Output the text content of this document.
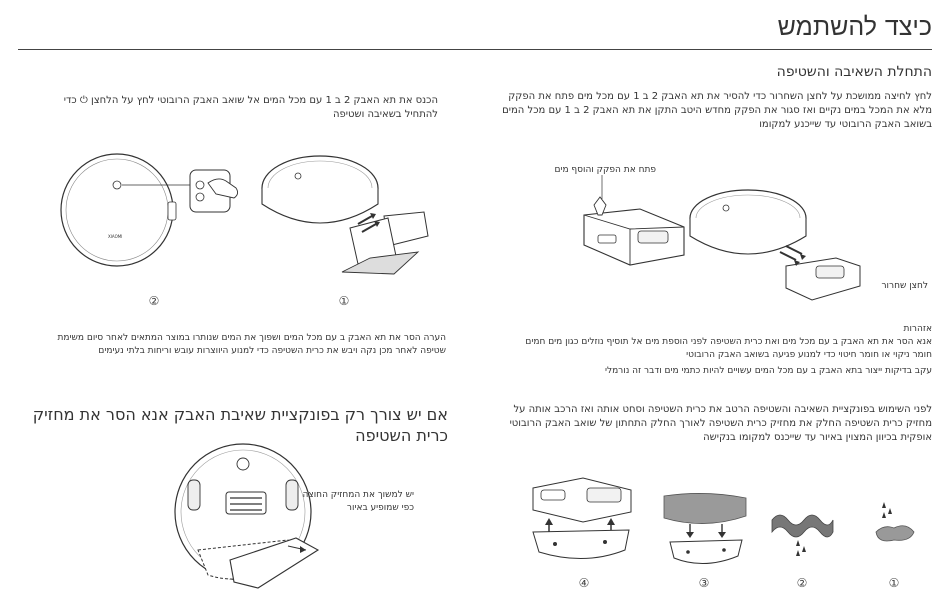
כיצד להשתמש
התחלת השאיבה והשטיפה
לחץ לחיצה ממושכת על לחצן השחרור כדי להסיר את תא האבק 2 ב 1 עם מכל מים פתח את הפקק מלא את המכל במים נקיים ואז סגור את הפקק מחדש היטב התקן את תא האבק 2 ב 1 עם מכל המים בשואב האבק הרובוטי עד שייכנע למקומו
הכנס את תא האבק 2 ב 1 עם מכל המים אל שואב האבק הרובוטי לחץ על הלחצן ⏻ כדי להתחיל בשאיבה ושטיפה
XIAOMI
②	①
פתח את הפקק והוסף מים
לחצן שחרור
הערה הסר את תא האבק ב עם מכל המים ושפוך את המים שנותרו במוצר המתאים לאחר סיום משימת שטיפה לאחר מכן נקה ויבש את כרית השטיפה כדי למנוע היווצרות עובש וריחות בלתי נעימים
אזהרות
אנא הסר את תא האבק ב עם מכל מים ואת כרית השטיפה לפני הוספת מים אל תוסיף נוזלים כגון מים חמים חומר ניקוי או חומר חיטוי כדי למנוע פגיעה בשואב האבק הרובוטי
עקב בדיקות ייצור בתא האבק ב עם מכל המים עשויים להיות כתמי מים ודבר זה נורמלי
אם יש צורך רק בפונקציית שאיבת האבק אנא הסר את מחזיק כרית השטיפה
יש למשוך את המחזיק החוצה כפי שמופיע באיור
לפני השימוש בפונקציית השאיבה והשטיפה הרטב את כרית השטיפה וסחט אותה ואז הרכב אותה על מחזיק כרית השטיפה החלק את מחזיק כרית השטיפה לאורך החלק התחתון של שואב האבק הרובוטי אופקית בכיוון המצוין באיור עד שייכנס למקומו בנקישה
④	③	②	①
